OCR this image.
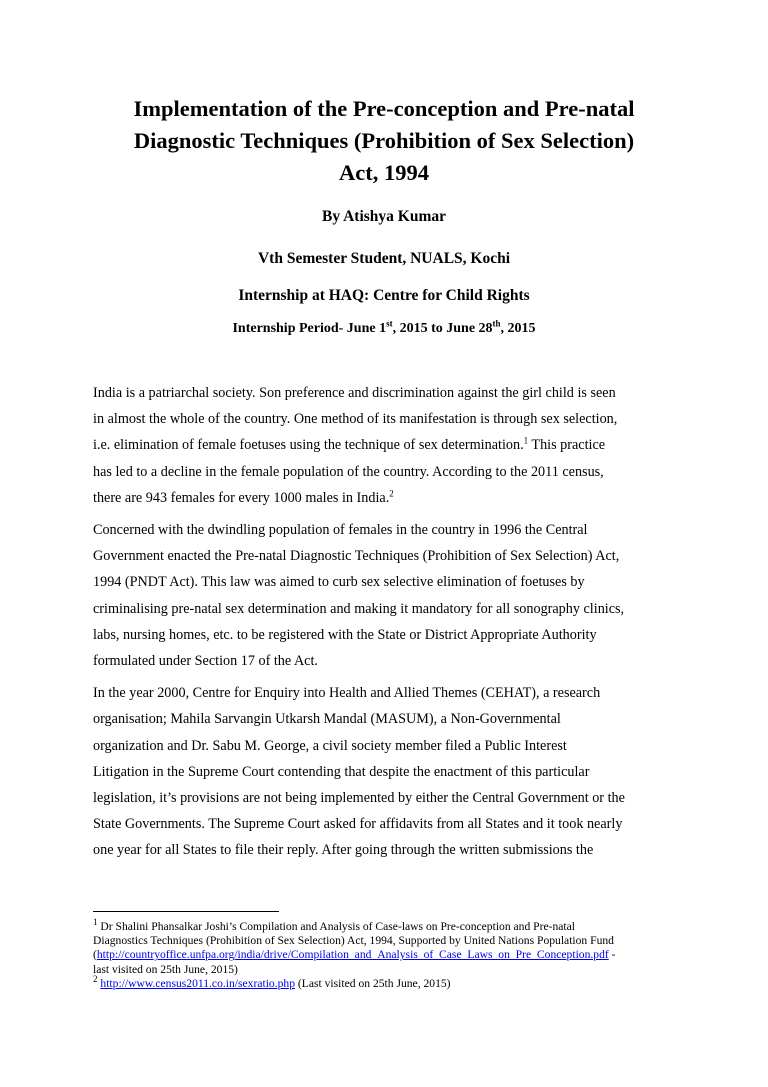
Implementation of the Pre-conception and Pre-natal
Diagnostic Techniques (Prohibition of Sex Selection)
Act, 1994

By Atishya Kumar

Vth Semester Student, NUALS, Kochi

Internship at HAQ: Centre for Child Rights

Internship Period- June 1st, 2015 to June 28th, 2015

India is a patriarchal society. Son preference and discrimination against the girl child is seen
in almost the whole of the country. One method of its manifestation is through sex selection,
i.e. elimination of female foetuses using the technique of sex determination.$^1$ This practice
has led to a decline in the female population of the country. According to the 2011 census,
there are 943 females for every 1000 males in India.$^2$

Concerned with the dwindling population of females in the country in 1996 the Central
Government enacted the Pre-natal Diagnostic Techniques (Prohibition of Sex Selection) Act,
1994 (PNDT Act). This law was aimed to curb sex selective elimination of foetuses by
criminalising pre-natal sex determination and making it mandatory for all sonography clinics,
labs, nursing homes, etc. to be registered with the State or District Appropriate Authority
formulated under Section 17 of the Act.

In the year 2000, Centre for Enquiry into Health and Allied Themes (CEHAT), a research
organisation; Mahila Sarvangin Utkarsh Mandal (MASUM), a Non-Governmental
organization and Dr. Sabu M. George, a civil society member filed a Public Interest
Litigation in the Supreme Court contending that despite the enactment of this particular
legislation, it’s provisions are not being implemented by either the Central Government or the
State Governments. The Supreme Court asked for affidavits from all States and it took nearly
one year for all States to file their reply. After going through the written submissions the

$^1$ Dr Shalini Phansalkar Joshi’s Compilation and Analysis of Case-laws on Pre-conception and Pre-natal
Diagnostics Techniques (Prohibition of Sex Selection) Act, 1994, Supported by United Nations Population Fund
(http://countryoffice.unfpa.org/india/drive/Compilation_and_Analysis_of_Case_Laws_on_Pre_Conception.pdf -
last visited on 25th June, 2015)
$^2$ http://www.census2011.co.in/sexratio.php (Last visited on 25th June, 2015)
